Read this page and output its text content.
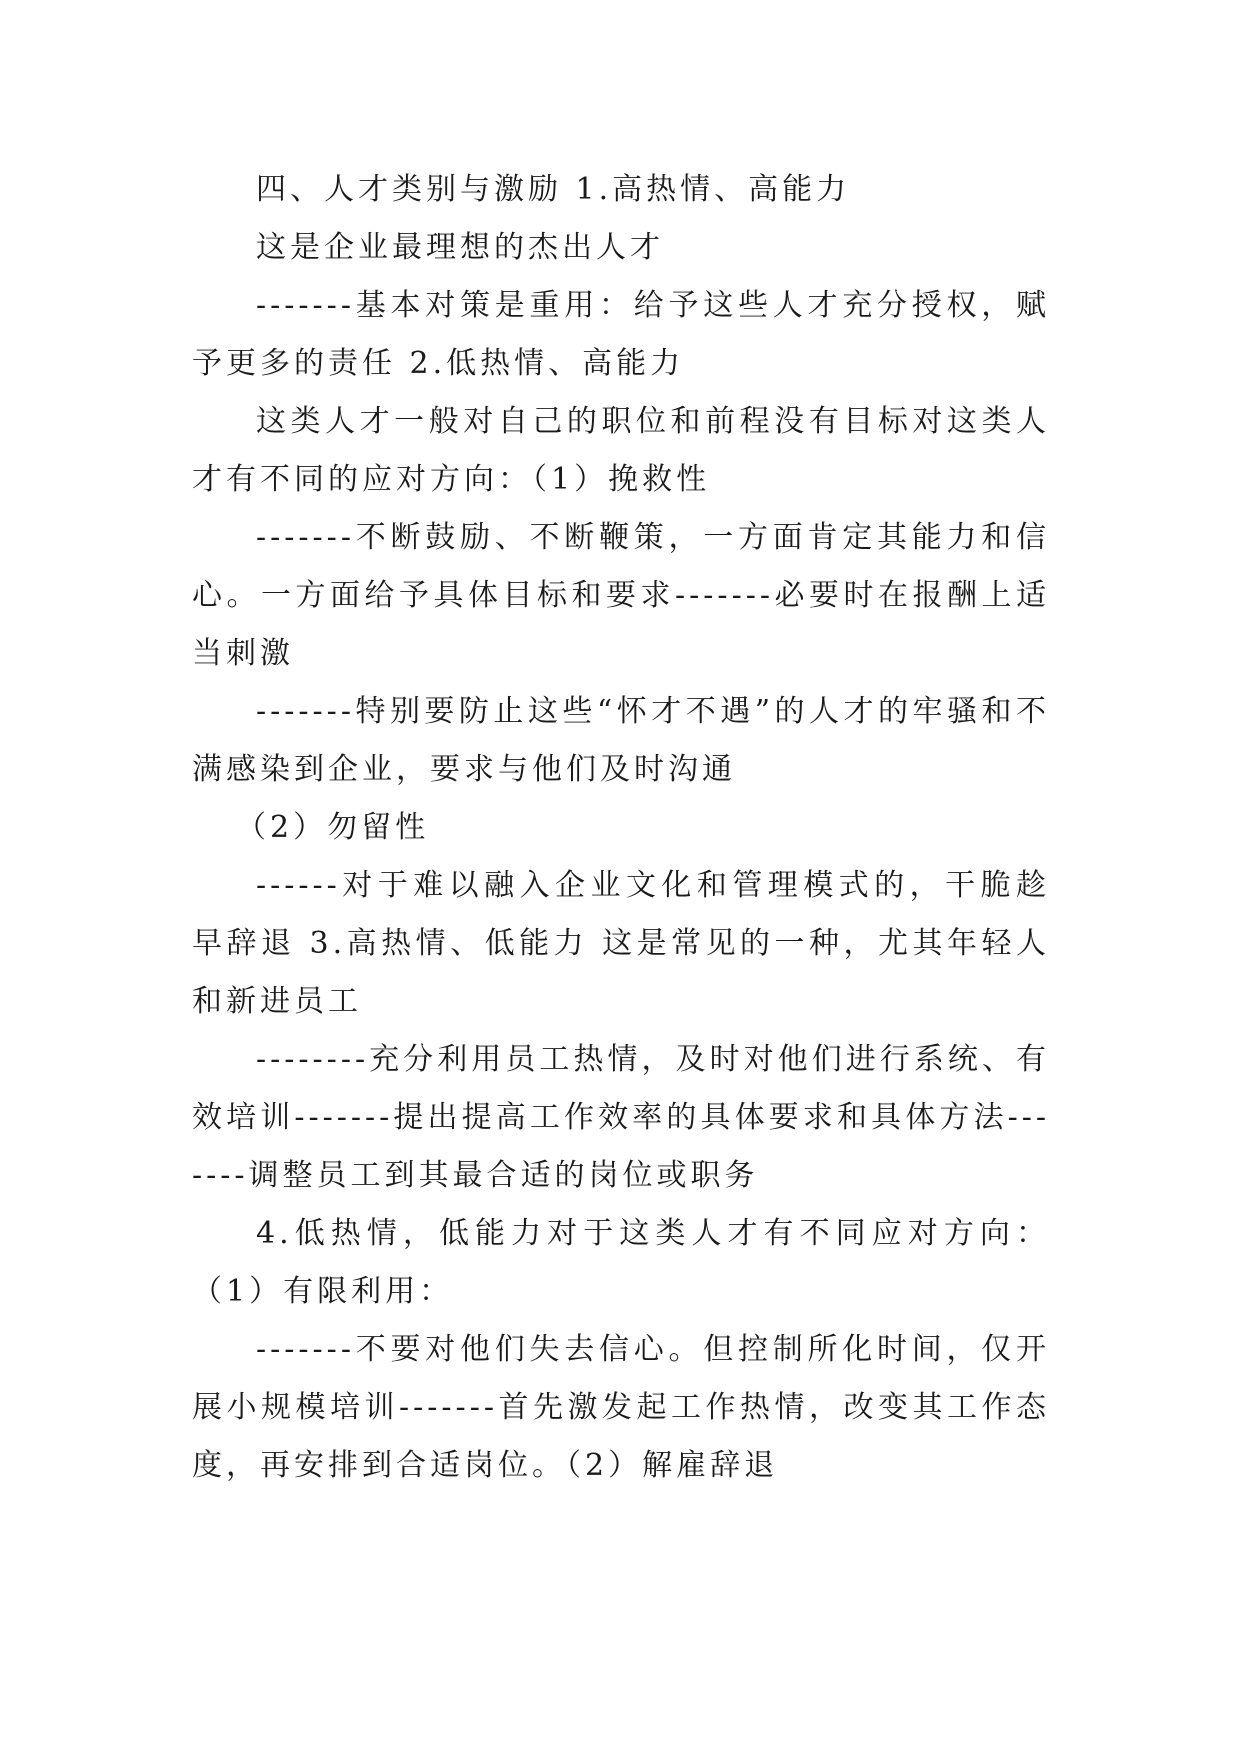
四、人才类别与激励 1.高热情、高能力

这是企业最理想的杰出人才

-------基本对策是重用：给予这些人才充分授权，赋予更多的责任 2.低热情、高能力

这类人才一般对自己的职位和前程没有目标对这类人才有不同的应对方向：（1）挽救性

-------不断鼓励、不断鞭策，一方面肯定其能力和信心。一方面给予具体目标和要求-------必要时在报酬上适当刺激

-------特别要防止这些“怀才不遇”的人才的牢骚和不满感染到企业，要求与他们及时沟通

（2）勿留性

------对于难以融入企业文化和管理模式的，干脆趁早辞退 3.高热情、低能力 这是常见的一种，尤其年轻人和新进员工

--------充分利用员工热情，及时对他们进行系统、有效培训-------提出提高工作效率的具体要求和具体方法-------调整员工到其最合适的岗位或职务

4.低热情，低能力对于这类人才有不同应对方向：（1）有限利用：

-------不要对他们失去信心。但控制所化时间，仅开展小规模培训-------首先激发起工作热情，改变其工作态度，再安排到合适岗位。（2）解雇辞退
